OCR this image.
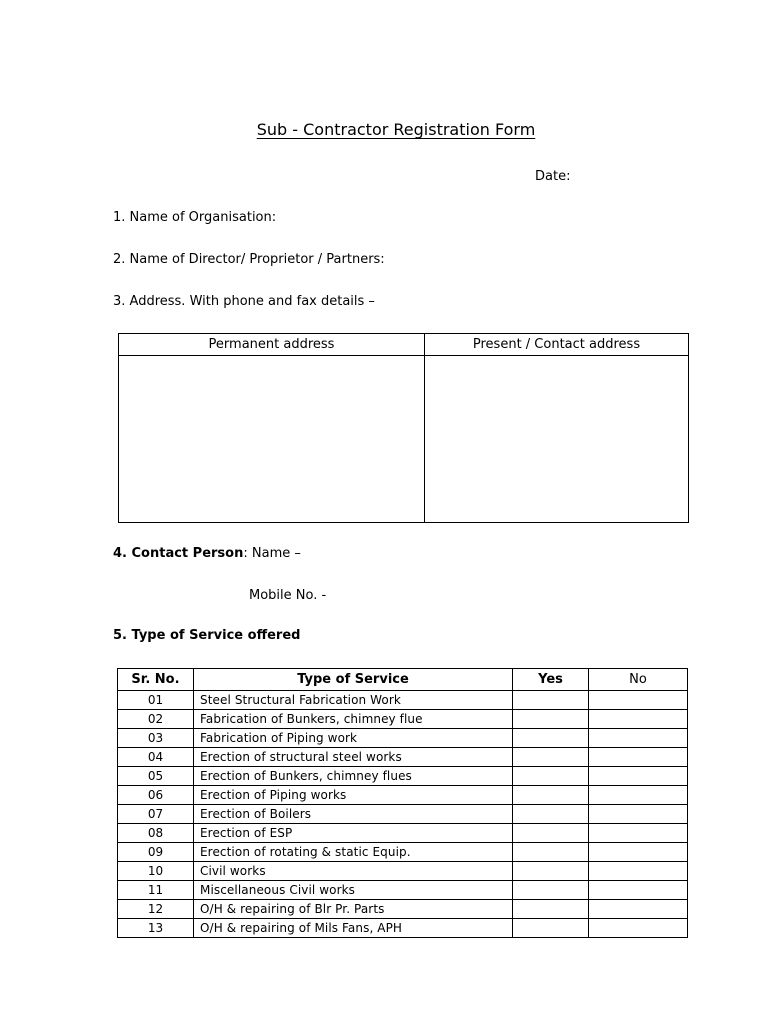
Sub - Contractor Registration Form
Date:
1. Name of Organisation:
2. Name of Director/ Proprietor / Partners:
3. Address. With phone and fax details –
Permanent address	Present / Contact address

4. Contact Person: Name –
Mobile No. -
5. Type of Service offered
Sr. No.	Type of Service	Yes	No
01	Steel Structural Fabrication Work		
02	Fabrication of Bunkers, chimney flue		
03	Fabrication of Piping work		
04	Erection of structural steel works		
05	Erection of Bunkers, chimney flues		
06	Erection of Piping works		
07	Erection of Boilers		
08	Erection of ESP		
09	Erection of rotating & static Equip.		
10	Civil works		
11	Miscellaneous Civil works		
12	O/H & repairing of Blr Pr. Parts		
13	O/H & repairing of Mils Fans, APH		
